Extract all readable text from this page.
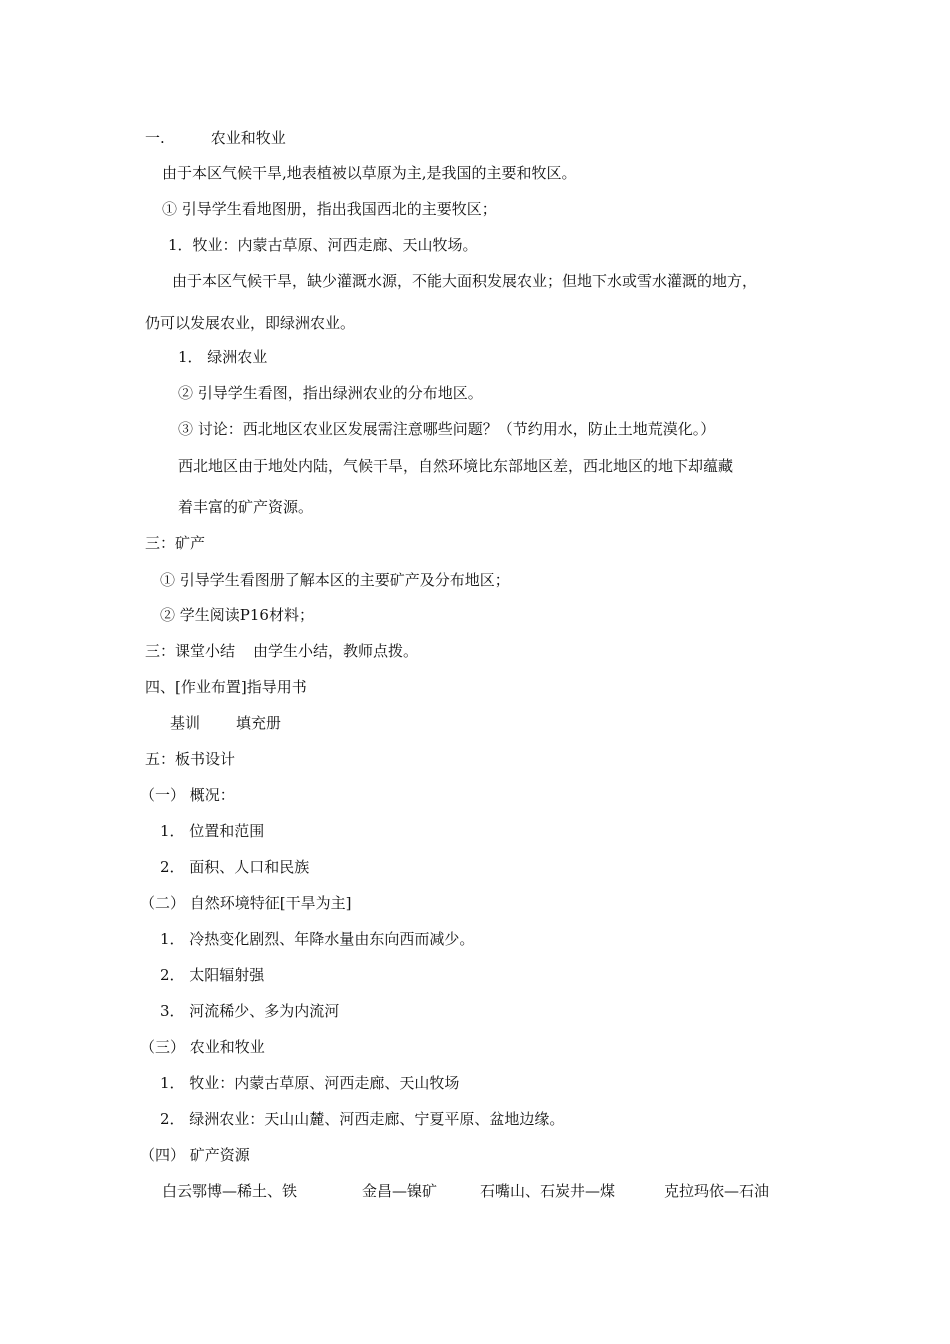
一.	农业和牧业
由于本区气候干旱,地表植被以草原为主,是我国的主要和牧区。
① 引导学生看地图册，指出我国西北的主要牧区；
1．牧业：内蒙古草原、河西走廊、天山牧场。
由于本区气候干旱，缺少灌溉水源，不能大面积发展农业；但地下水或雪水灌溉的地方，
仍可以发展农业，即绿洲农业。
1． 绿洲农业
② 引导学生看图，指出绿洲农业的分布地区。
③ 讨论：西北地区农业区发展需注意哪些问题？（节约用水，防止土地荒漠化。）
西北地区由于地处内陆，气候干旱，自然环境比东部地区差，西北地区的地下却蕴藏
着丰富的矿产资源。
三：矿产
① 引导学生看图册了解本区的主要矿产及分布地区；
② 学生阅读P16材料；
三：课堂小结 由学生小结，教师点拨。
四、[作业布置]指导用书
基训 填充册
五：板书设计
（一） 概况：
1． 位置和范围
2． 面积、人口和民族
（二） 自然环境特征[干旱为主]
1． 冷热变化剧烈、年降水量由东向西而减少。
2． 太阳辐射强
3． 河流稀少、多为内流河
（三） 农业和牧业
1． 牧业：内蒙古草原、河西走廊、天山牧场
2． 绿洲农业：天山山麓、河西走廊、宁夏平原、盆地边缘。
（四） 矿产资源
白云鄂博—稀土、铁	金昌—镍矿	石嘴山、石炭井—煤	克拉玛依—石油
